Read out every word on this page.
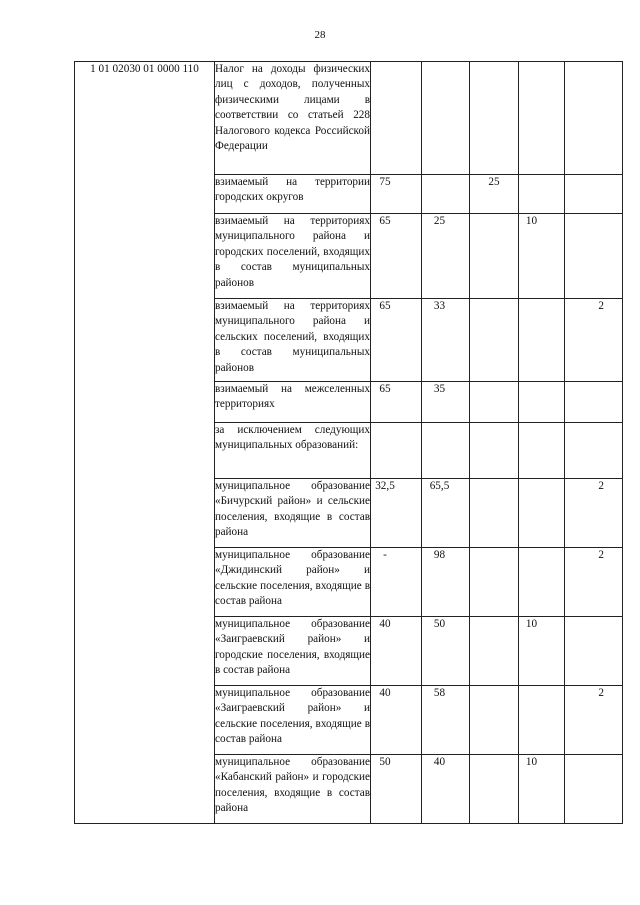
28
1 01 02030 01 0000 110	Налог на доходы физических лиц с доходов, полученных физическими лицами в соответствии со статьей 228 Налогового кодекса Российской Федерации					
	взимаемый на территории городских округов	75		25		
	взимаемый на территориях муниципального района и городских поселений, входящих в состав муниципальных районов	65	25		10	
	взимаемый на территориях муниципального района и сельских поселений, входящих в состав муниципальных районов	65	33			2
	взимаемый на межселенных территориях	65	35			
	за исключением следующих муниципальных образований:					
	муниципальное образование «Бичурский район» и сельские поселения, входящие в состав района	32,5	65,5			2
	муниципальное образование «Джидинский район» и сельские поселения, входящие в состав района	-	98			2
	муниципальное образование «Заиграевский район» и городские поселения, входящие в состав района	40	50		10	
	муниципальное образование «Заиграевский район» и сельские поселения, входящие в состав района	40	58			2
	муниципальное образование «Кабанский район» и городские поселения, входящие в состав района	50	40		10	
